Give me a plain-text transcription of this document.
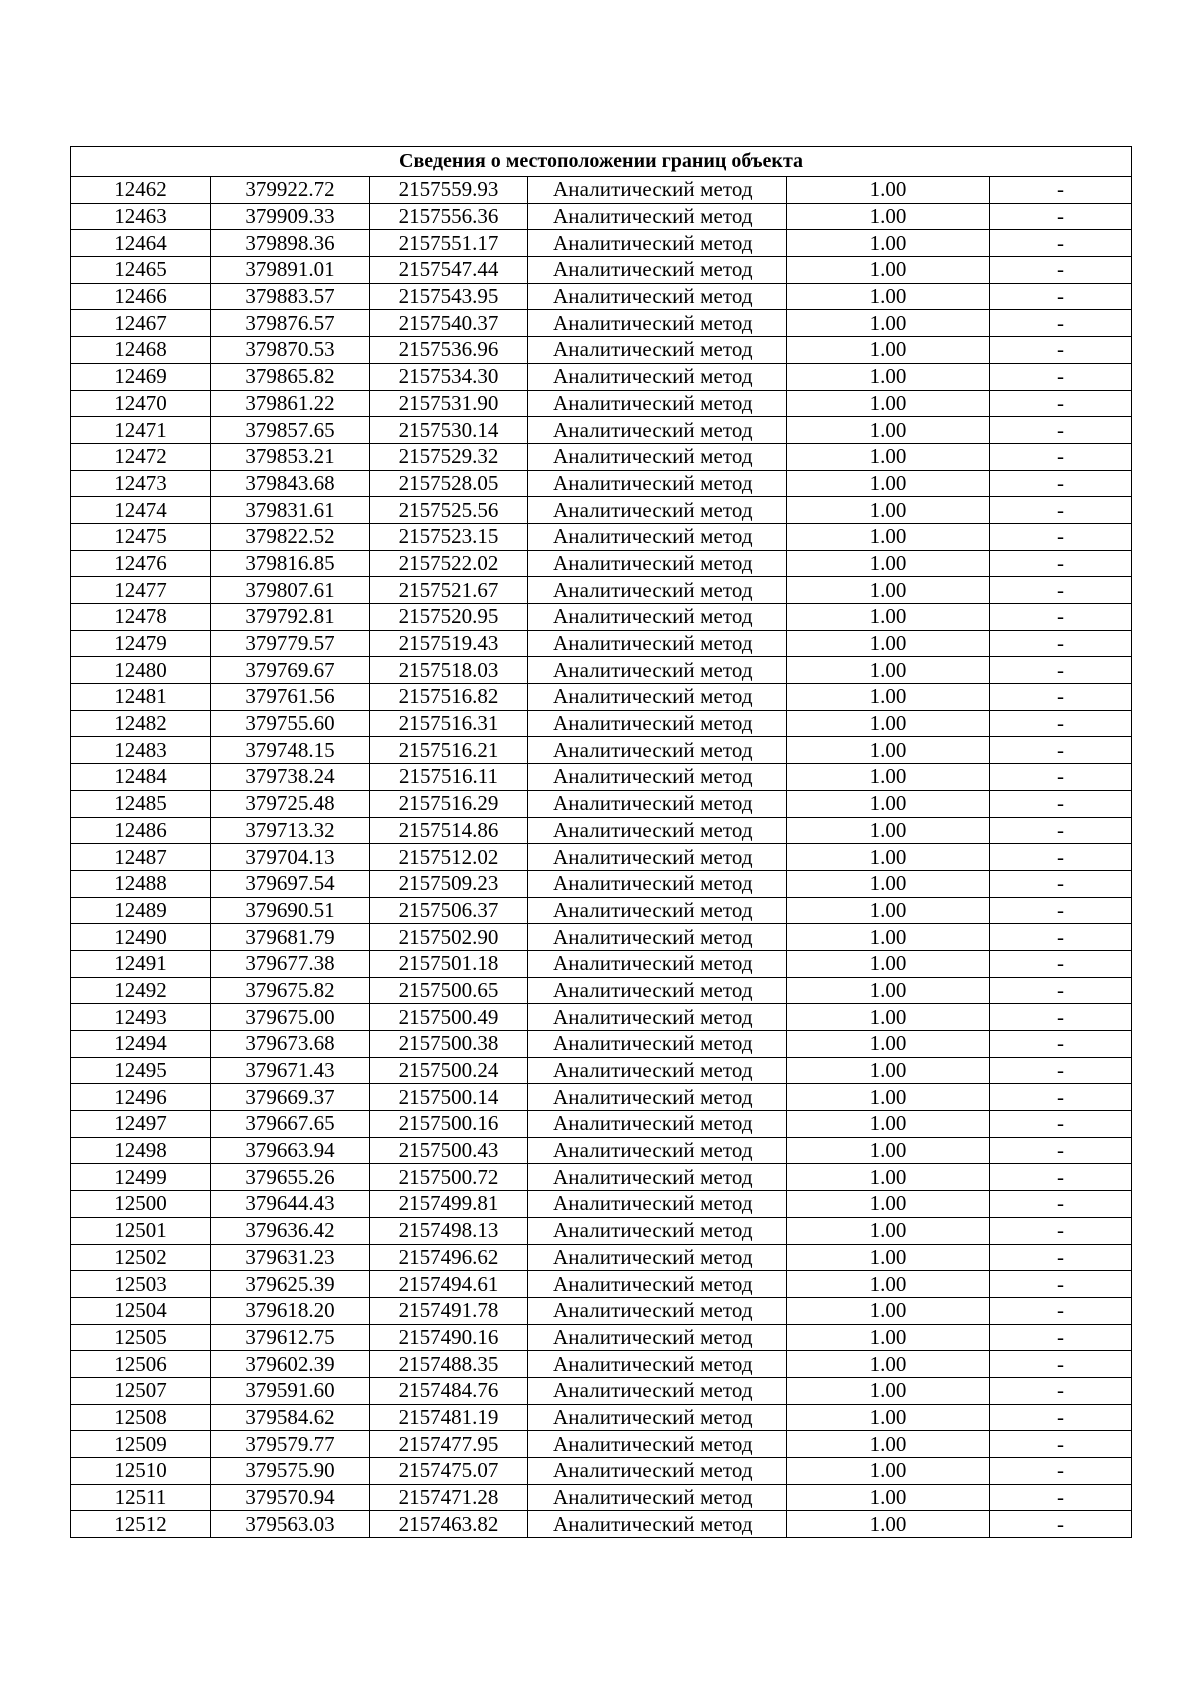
Сведения о местоположении границ объекта					
12462	379922.72	2157559.93	Аналитический метод	1.00	-
12463	379909.33	2157556.36	Аналитический метод	1.00	-
12464	379898.36	2157551.17	Аналитический метод	1.00	-
12465	379891.01	2157547.44	Аналитический метод	1.00	-
12466	379883.57	2157543.95	Аналитический метод	1.00	-
12467	379876.57	2157540.37	Аналитический метод	1.00	-
12468	379870.53	2157536.96	Аналитический метод	1.00	-
12469	379865.82	2157534.30	Аналитический метод	1.00	-
12470	379861.22	2157531.90	Аналитический метод	1.00	-
12471	379857.65	2157530.14	Аналитический метод	1.00	-
12472	379853.21	2157529.32	Аналитический метод	1.00	-
12473	379843.68	2157528.05	Аналитический метод	1.00	-
12474	379831.61	2157525.56	Аналитический метод	1.00	-
12475	379822.52	2157523.15	Аналитический метод	1.00	-
12476	379816.85	2157522.02	Аналитический метод	1.00	-
12477	379807.61	2157521.67	Аналитический метод	1.00	-
12478	379792.81	2157520.95	Аналитический метод	1.00	-
12479	379779.57	2157519.43	Аналитический метод	1.00	-
12480	379769.67	2157518.03	Аналитический метод	1.00	-
12481	379761.56	2157516.82	Аналитический метод	1.00	-
12482	379755.60	2157516.31	Аналитический метод	1.00	-
12483	379748.15	2157516.21	Аналитический метод	1.00	-
12484	379738.24	2157516.11	Аналитический метод	1.00	-
12485	379725.48	2157516.29	Аналитический метод	1.00	-
12486	379713.32	2157514.86	Аналитический метод	1.00	-
12487	379704.13	2157512.02	Аналитический метод	1.00	-
12488	379697.54	2157509.23	Аналитический метод	1.00	-
12489	379690.51	2157506.37	Аналитический метод	1.00	-
12490	379681.79	2157502.90	Аналитический метод	1.00	-
12491	379677.38	2157501.18	Аналитический метод	1.00	-
12492	379675.82	2157500.65	Аналитический метод	1.00	-
12493	379675.00	2157500.49	Аналитический метод	1.00	-
12494	379673.68	2157500.38	Аналитический метод	1.00	-
12495	379671.43	2157500.24	Аналитический метод	1.00	-
12496	379669.37	2157500.14	Аналитический метод	1.00	-
12497	379667.65	2157500.16	Аналитический метод	1.00	-
12498	379663.94	2157500.43	Аналитический метод	1.00	-
12499	379655.26	2157500.72	Аналитический метод	1.00	-
12500	379644.43	2157499.81	Аналитический метод	1.00	-
12501	379636.42	2157498.13	Аналитический метод	1.00	-
12502	379631.23	2157496.62	Аналитический метод	1.00	-
12503	379625.39	2157494.61	Аналитический метод	1.00	-
12504	379618.20	2157491.78	Аналитический метод	1.00	-
12505	379612.75	2157490.16	Аналитический метод	1.00	-
12506	379602.39	2157488.35	Аналитический метод	1.00	-
12507	379591.60	2157484.76	Аналитический метод	1.00	-
12508	379584.62	2157481.19	Аналитический метод	1.00	-
12509	379579.77	2157477.95	Аналитический метод	1.00	-
12510	379575.90	2157475.07	Аналитический метод	1.00	-
12511	379570.94	2157471.28	Аналитический метод	1.00	-
12512	379563.03	2157463.82	Аналитический метод	1.00	-
